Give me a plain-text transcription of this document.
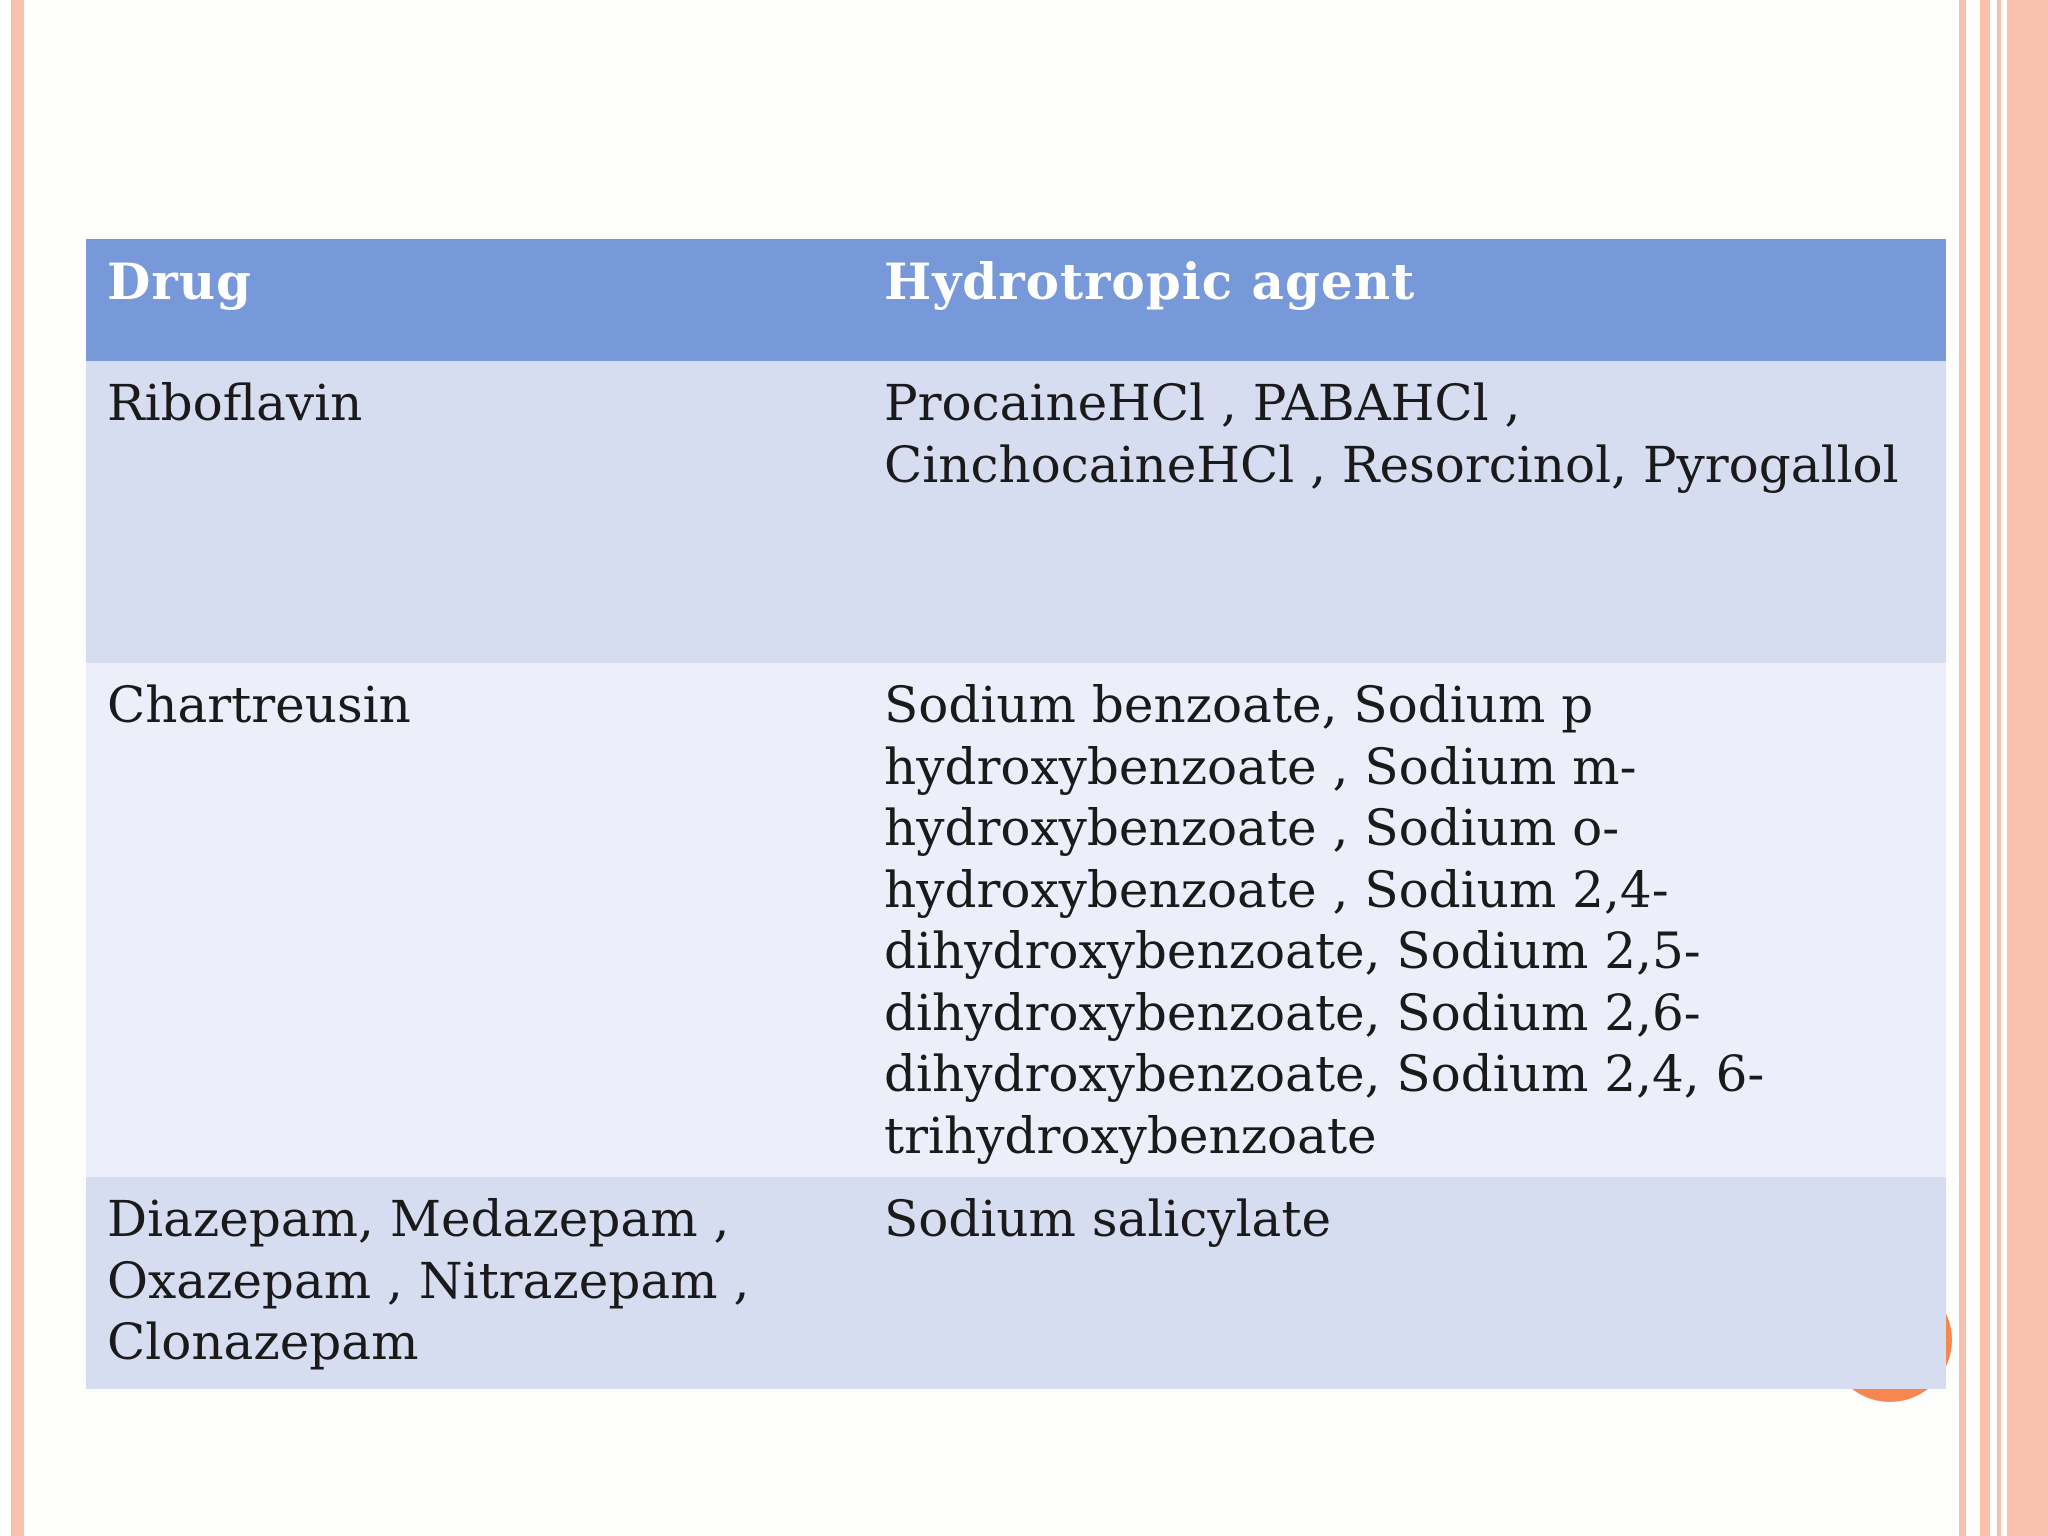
Drug	Hydrotropic agent
Riboflavin	ProcaineHCl , PABAHCl , CinchocaineHCl , Resorcinol, Pyrogallol
Chartreusin	Sodium benzoate, Sodium p hydroxybenzoate , Sodium m-hydroxybenzoate , Sodium o-hydroxybenzoate , Sodium 2,4-dihydroxybenzoate, Sodium 2,5-dihydroxybenzoate, Sodium 2,6-dihydroxybenzoate, Sodium 2,4, 6-trihydroxybenzoate
Diazepam, Medazepam , Oxazepam , Nitrazepam , Clonazepam	Sodium salicylate
